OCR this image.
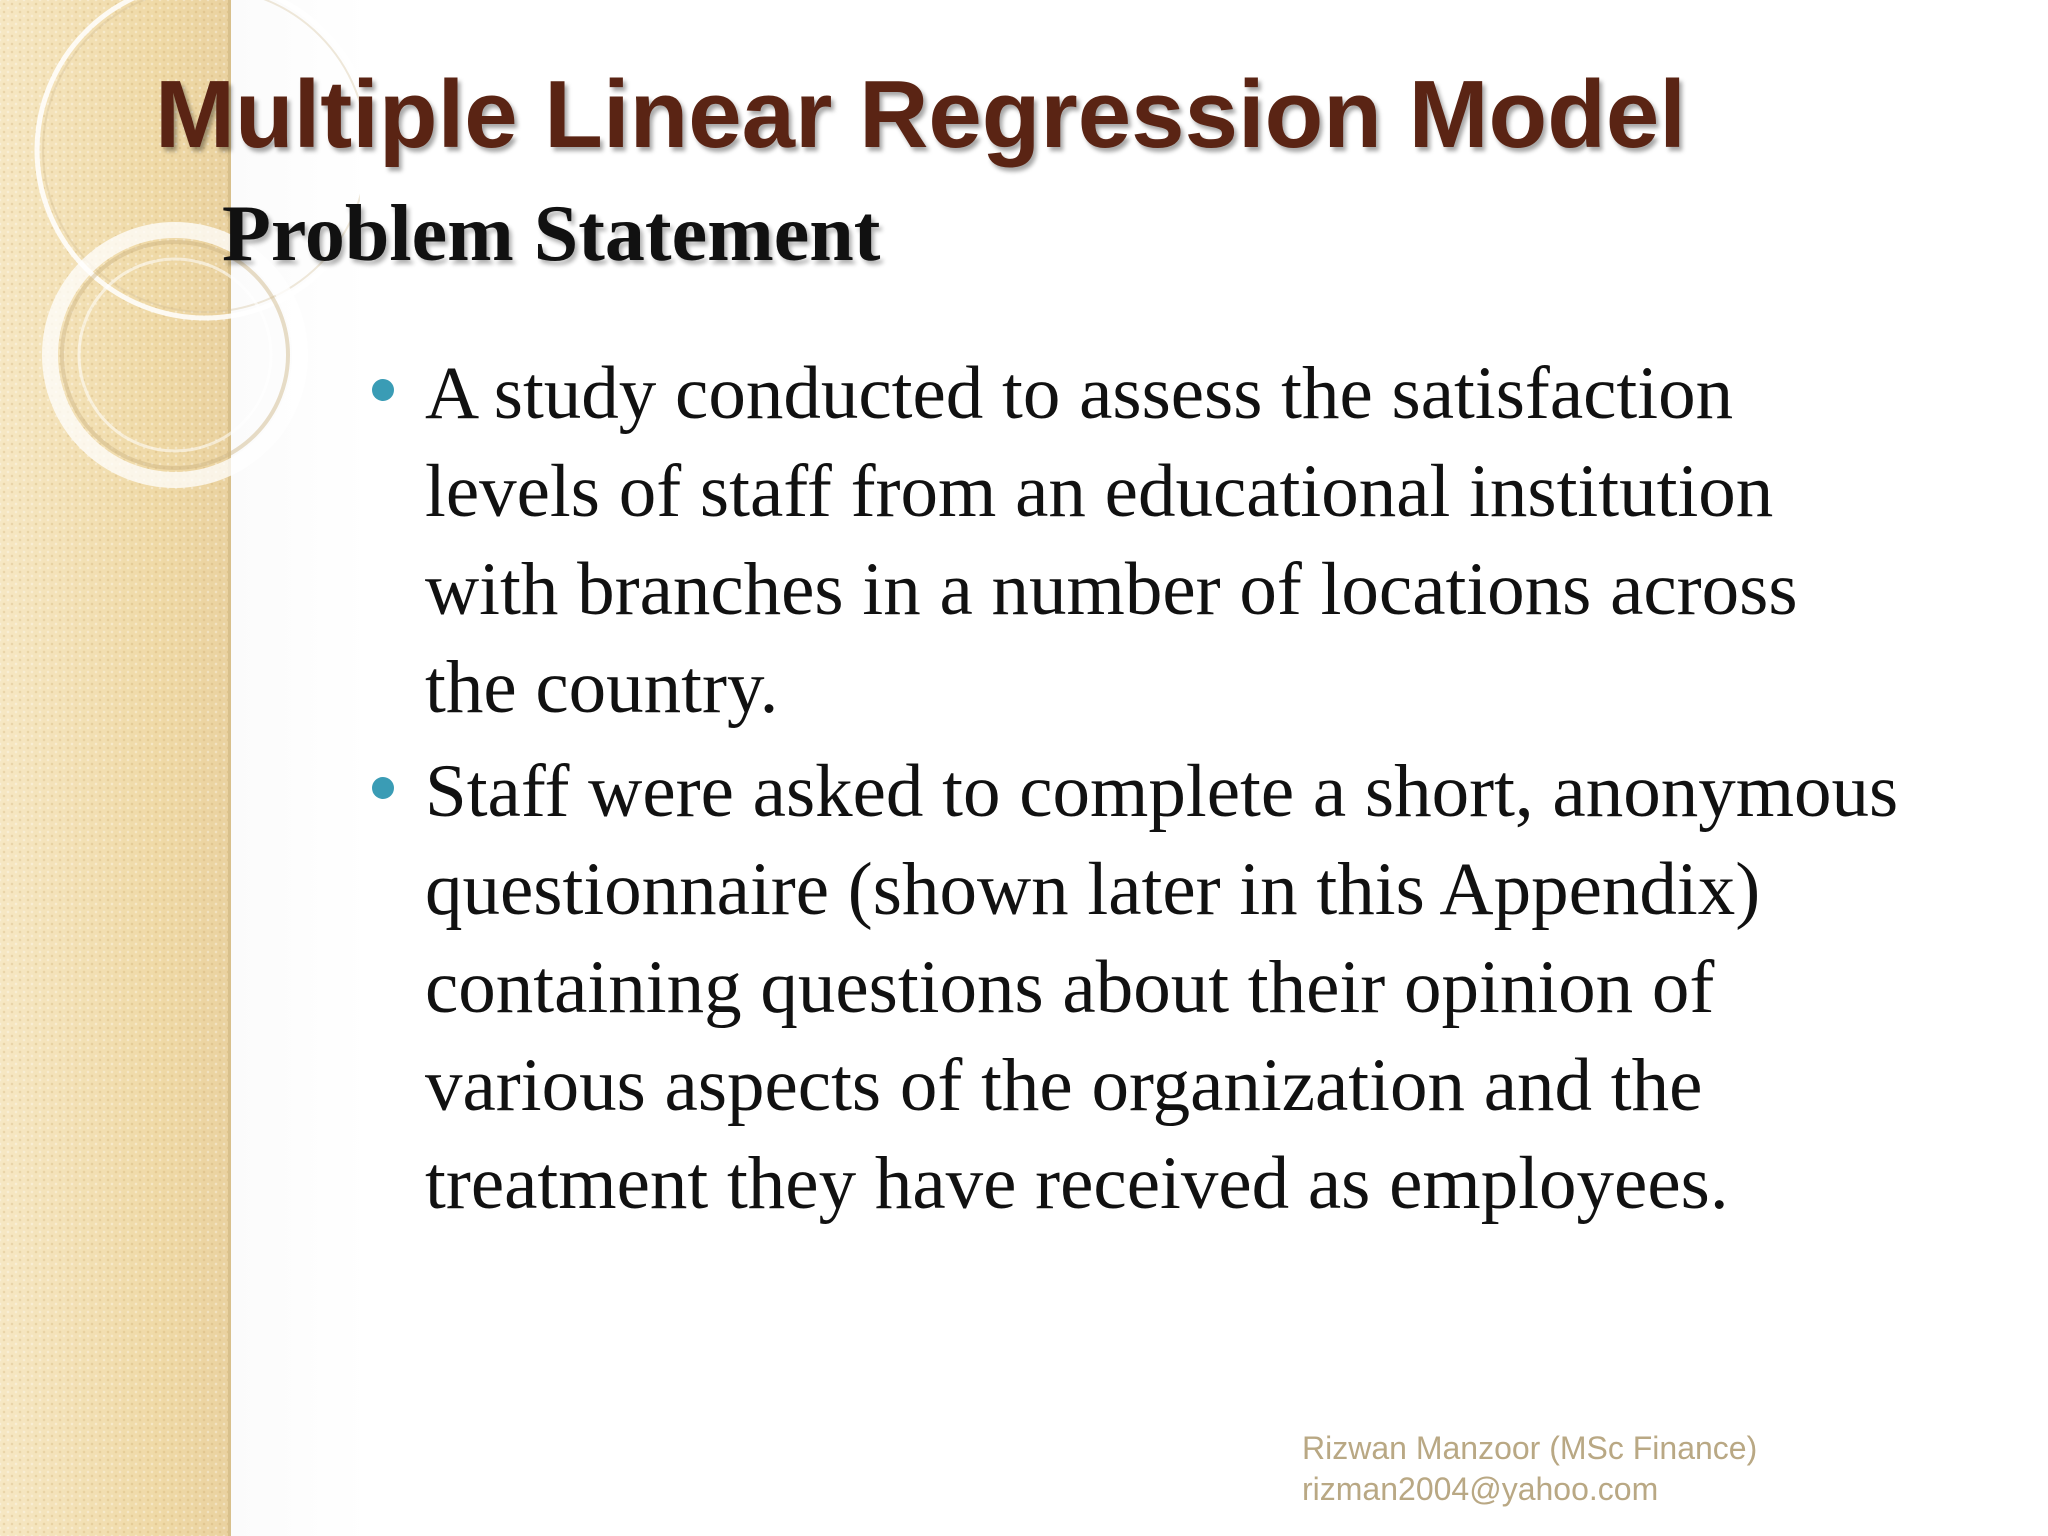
Multiple Linear Regression Model
Problem Statement
A study conducted to assess the satisfaction levels of staff from an educational institution with branches in a number of locations across the country.
Staff were asked to complete a short, anonymous questionnaire (shown later in this Appendix) containing questions about their opinion of various aspects of the organization and the treatment they have received as employees.
Rizwan Manzoor (MSc Finance)
rizman2004@yahoo.com
